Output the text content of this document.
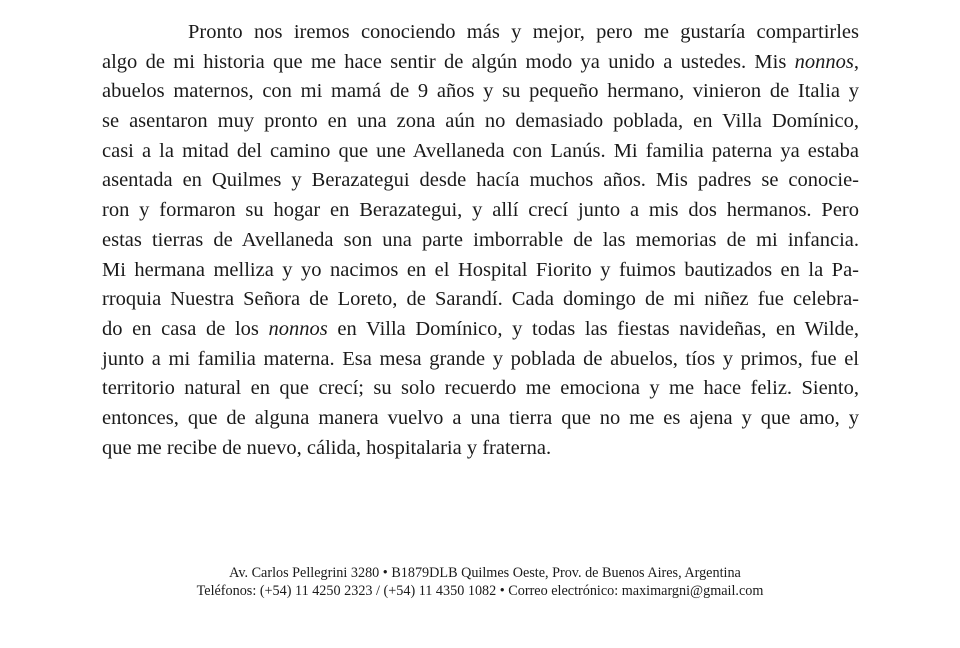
Pronto nos iremos conociendo más y mejor, pero me gustaría compartirles
algo de mi historia que me hace sentir de algún modo ya unido a ustedes. Mis nonnos,
abuelos maternos, con mi mamá de 9 años y su pequeño hermano, vinieron de Italia y
se asentaron muy pronto en una zona aún no demasiado poblada, en Villa Domínico,
casi a la mitad del camino que une Avellaneda con Lanús. Mi familia paterna ya estaba
asentada en Quilmes y Berazategui desde hacía muchos años. Mis padres se conocie-
ron y formaron su hogar en Berazategui, y allí crecí junto a mis dos hermanos. Pero
estas tierras de Avellaneda son una parte imborrable de las memorias de mi infancia.
Mi hermana melliza y yo nacimos en el Hospital Fiorito y fuimos bautizados en la Pa-
rroquia Nuestra Señora de Loreto, de Sarandí. Cada domingo de mi niñez fue celebra-
do en casa de los nonnos en Villa Domínico, y todas las fiestas navideñas, en Wilde,
junto a mi familia materna. Esa mesa grande y poblada de abuelos, tíos y primos, fue el
territorio natural en que crecí; su solo recuerdo me emociona y me hace feliz. Siento,
entonces, que de alguna manera vuelvo a una tierra que no me es ajena y que amo, y
que me recibe de nuevo, cálida, hospitalaria y fraterna.
Av. Carlos Pellegrini 3280 • B1879DLB Quilmes Oeste, Prov. de Buenos Aires, Argentina
Teléfonos: (+54) 11 4250 2323 / (+54) 11 4350 1082 • Correo electrónico: maximargni@gmail.com
